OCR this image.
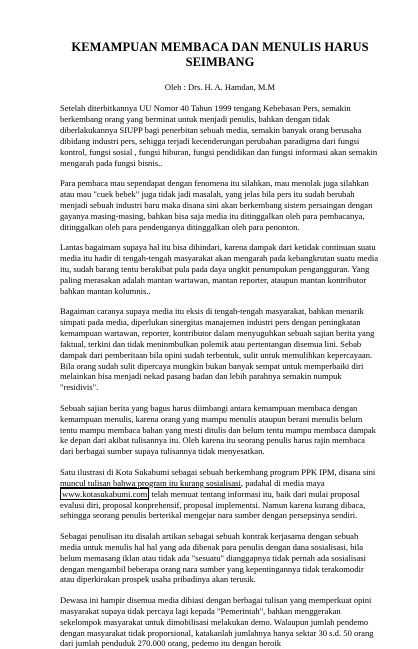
KEMAMPUAN MEMBACA DAN MENULIS HARUS SEIMBANG
Oleh : Drs. H. A. Hamdan, M.M

Setelah diterbitkannya UU Nomor 40 Tahun 1999 tengang Kebebasan Pers, semakin berkembang orang yang berminat untuk menjadi penulis, bahkan dengan tidak diberlakukannya SIUPP bagi penerbitan sebuah media, semakin banyak orang berusaha dibidang industri pers, sehigga terjadi kecenderungan perubahan paradigma dari fungsi kontrol, fungsi sosial , fungsi hiburan, fungsi pendidikan dan fungsi informasi akan semakin mengarah pada fungsi bisnis..

Para pembaca mau sependapat dengan fenomena itu silahkan, mau menolak juga silahkan atau mau "cuek bebek" juga tidak jadi masalah, yang jelas bila pers itu sudah berubah menjadi sebuah industri baru maka disana sini akan berkembang sistem persaingan dengan gayanya masing-masing, bahkan bisa saja media itu ditinggalkan oleh para pembacanya, ditinggalkan oleh para pendenganya ditinggalkan oleh para penonton.

Lantas bagaimam supaya hal itu bisa dihindari, karena dampak dari ketidak continuan suatu media itu hadir di tengah-tengah masyarakat akan mengarah pada kebangkrutan suatu media itu, sudah barang tentu berakibat pula pada daya ungkit penumpukan pengangguran. Yang paling merasakan adalah mantan wartawan, mantan reporter, ataupun mantan kontributor bahkan mantan kolumnis..

Bagaiman caranya supaya media itu eksis di tengah-tengah masyarakat, bahkan menarik simpati pada media, diperlukan sinergitas manajemen industri pers dengan peningkatan kemampuan wartawan, reporter, kontributor dalam menyuguhkan sebuah sajian berita yang faktual, terkini dan tidak meninmbulkan polemik atau pertentangan disemua lini. Sebab dampak dari pemberitaan bila opini sudah terbentuk, sulit untuk memulihkan kepercayaan. Bila orang sudah sulit dipercaya mungkin bukan banyak sempat untuk memperbaiki diri melainkan bisa menjadi nekad pasang badan dan lebih parahnya semakin numpuk "residivis".

Sebuah sajian berita yang bagus harus diimbangi antara kemampuan membaca dengan kemampuan menulis, karena orang yang mampu menulis ataupun berani menulis belum tentu mampu membaca bahan yang mesti ditulis dan belum tentu mampu membaca dampak ke depan dari akibat tulisannya itu. Oleh karena itu seorang penulis harus rajin membaca dari berbagai sumber supaya tulisannya tidak menyesatkan.

Satu ilustrasi di Kota Sukabumi sebagai sebuah berkembang program PPK IPM, disana sini muncul tulisan bahwa program itu kurang sosialisasi, padahal di media maya www.kotasukabumi.com telah memuat tentang informasi itu, baik dari mulai proposal evalusi diri, proposal konprehensif, proposal implementsi. Namun karena kurang dibaca, sehingga seorang penulis berterikal mengejar nara sumber dengan persepsinya sendiri.

Sebagai penulisan itu disalah artikan sebagai sebuah kontrak kerjasama dengan sebuah media untuk menulis hal hal yang ada dibenak para penulis dengan dana sosialisasi, bila belum memasang iklan atau tidak ada "sesuatu" dianggapnya tidak pernah ada sosialisasi dengan mengambil beberapa orang nara sumber yang kepentingannya tidak terakomodir atau diperkirakan prospek usaha pribadinya akan terusik.

Dewasa ini hampir disemua media dihiasi dengan berbagai tulisan yang memperkuat opini masyarakat supaya tidak percaya lagi kepada "Pemerintah", bahkan menggerakan sekelompok masyarakat untuk dimobilisasi melakukan demo. Walaupun jumlah pendemo dengan masyarakat tidak proporsional, katakanlah jumlahnya hanya sektar 30 s.d. 50 orang dari jumlah penduduk 270.000 orang, pedemo itu dengan heroik
